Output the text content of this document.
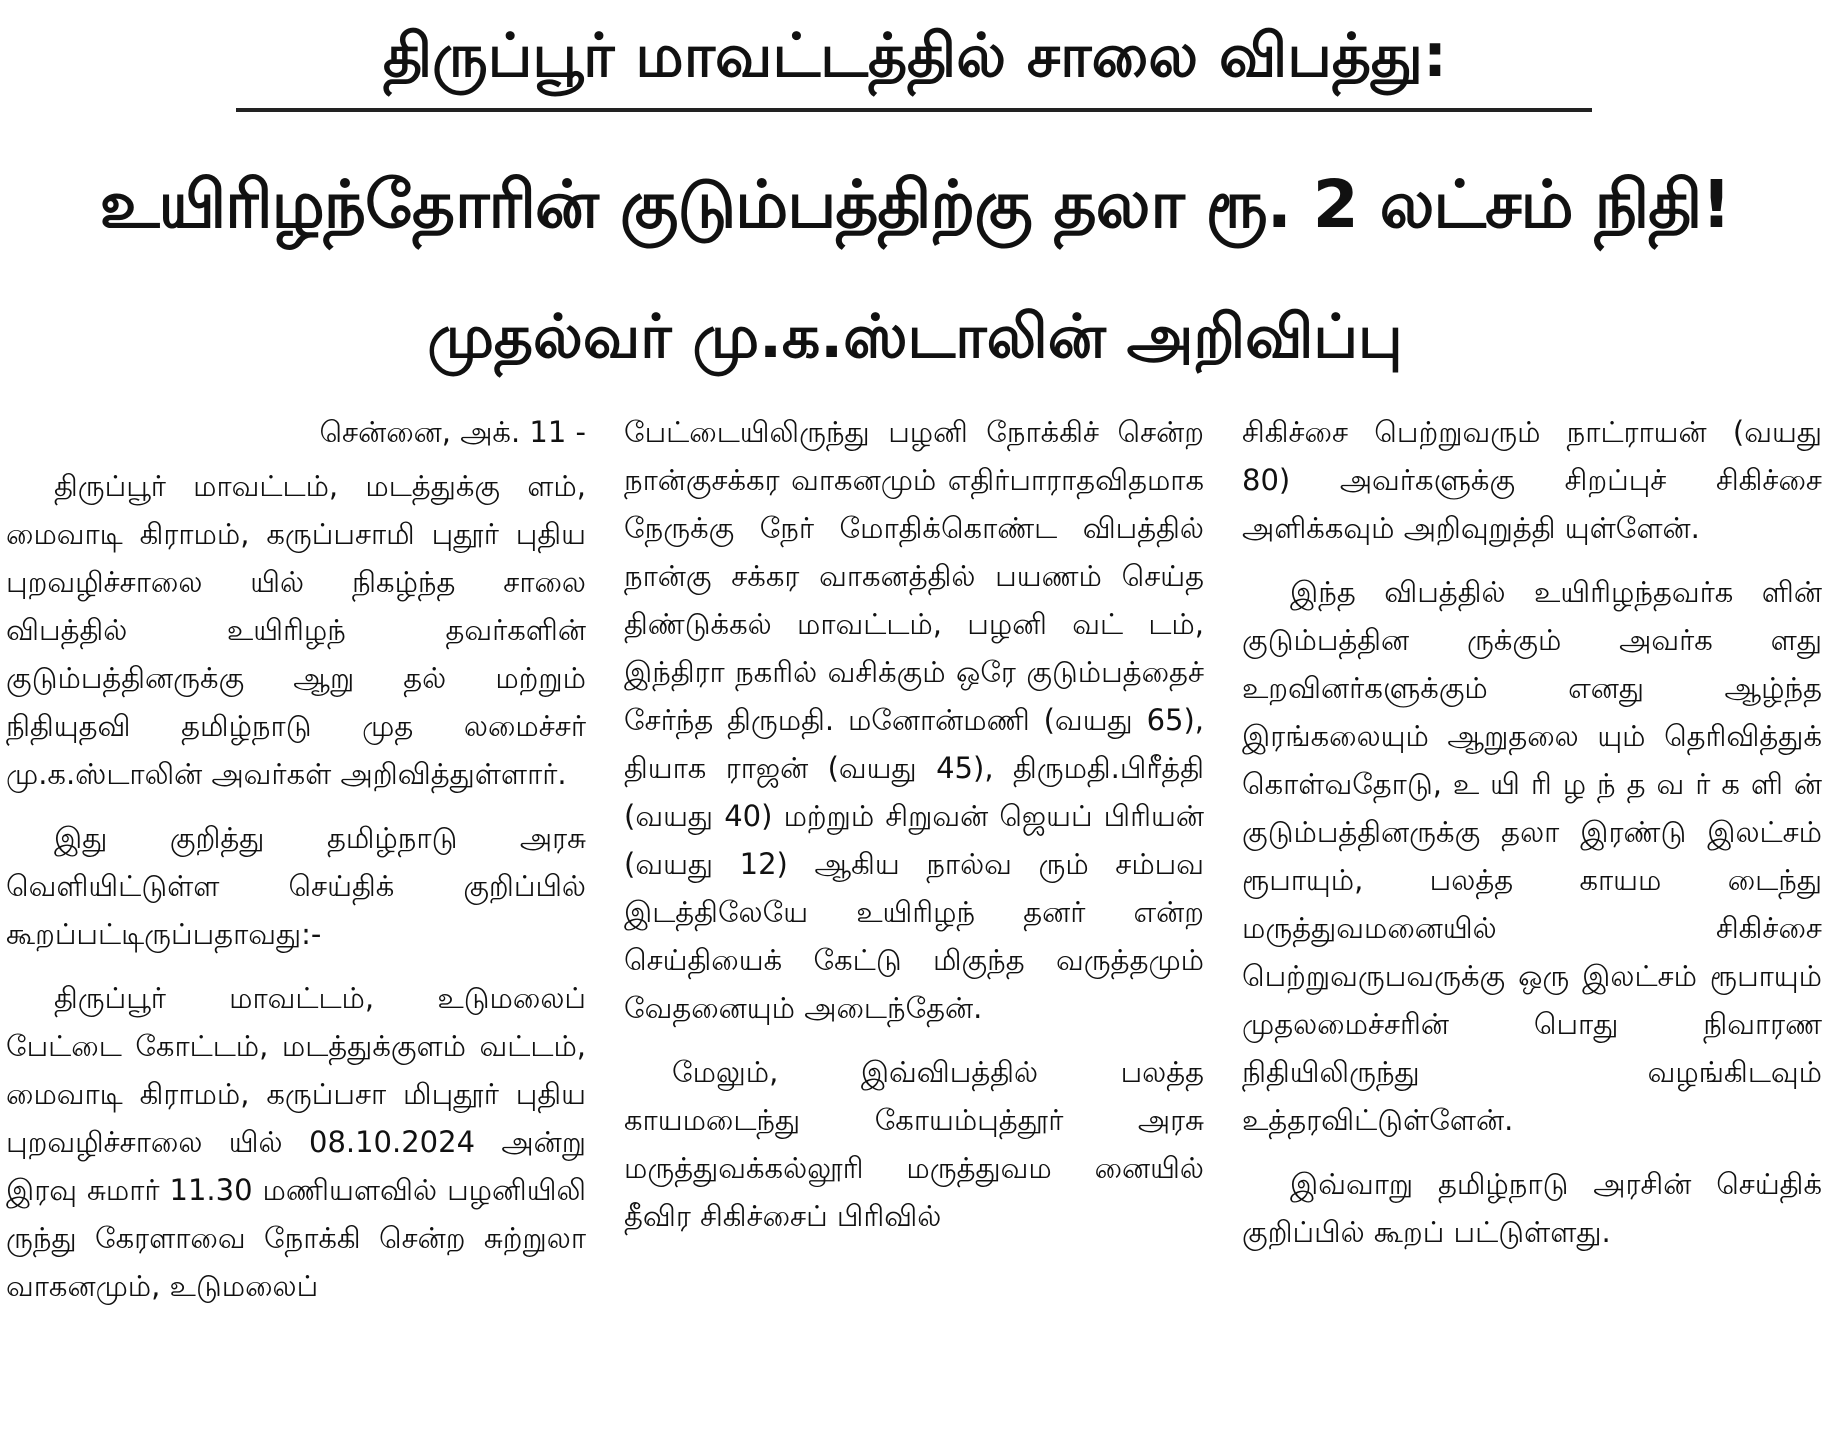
திருப்பூர் மாவட்டத்தில் சாலை விபத்து:
உயிரிழந்தோரின் குடும்பத்திற்கு தலா ரூ. 2 லட்சம் நிதி!
முதல்வர் மு.க.ஸ்டாலின் அறிவிப்பு

சென்னை, அக். 11 -

திருப்பூர் மாவட்டம், மடத்துக்கு ளம், மைவாடி கிராமம், கருப்பசாமி புதூர் புதிய புறவழிச்சாலை யில் நிகழ்ந்த சாலை விபத்தில் உயிரிழந் தவர்களின் குடும்பத்தினருக்கு ஆறு தல் மற்றும் நிதியுதவி தமிழ்நாடு முத லமைச்சர் மு.க.ஸ்டாலின் அவர்கள் அறிவித்துள்ளார்.

இது குறித்து தமிழ்நாடு அரசு வெளியிட்டுள்ள செய்திக் குறிப்பில் கூறப்பட்டிருப்பதாவது:-

திருப்பூர் மாவட்டம், உடுமலைப் பேட்டை கோட்டம், மடத்துக்குளம் வட்டம், மைவாடி கிராமம், கருப்பசா மிபுதூர் புதிய புறவழிச்சாலை யில் 08.10.2024 அன்று இரவு சுமார் 11.30 மணியளவில் பழனியிலி ருந்து கேரளாவை நோக்கி சென்ற சுற்றுலா வாகனமும், உடுமலைப்

பேட்டையிலிருந்து பழனி நோக்கிச் சென்ற நான்குசக்கர வாகனமும் எதிர்பாராதவிதமாக நேருக்கு நேர் மோதிக்கொண்ட விபத்தில் நான்கு சக்கர வாகனத்தில் பயணம் செய்த திண்டுக்கல் மாவட்டம், பழனி வட் டம், இந்திரா நகரில் வசிக்கும் ஒரே குடும்பத்தைச் சேர்ந்த திருமதி. மனோன்மணி (வயது 65), தியாக ராஜன் (வயது 45), திருமதி.பிரீத்தி (வயது 40) மற்றும் சிறுவன் ஜெயப் பிரியன் (வயது 12) ஆகிய நால்வ ரும் சம்பவ இடத்திலேயே உயிரிழந் தனர் என்ற செய்தியைக் கேட்டு மிகுந்த வருத்தமும் வேதனையும் அடைந்தேன்.

மேலும், இவ்விபத்தில் பலத்த காயமடைந்து கோயம்புத்தூர் அரசு மருத்துவக்கல்லூரி மருத்துவம னையில் தீவிர சிகிச்சைப் பிரிவில்

சிகிச்சை பெற்றுவரும் நாட்ராயன் (வயது 80) அவர்களுக்கு சிறப்புச் சிகிச்சை அளிக்கவும் அறிவுறுத்தி யுள்ளேன்.

இந்த விபத்தில் உயிரிழந்தவர்க ளின் குடும்பத்தின ருக்கும் அவர்க ளது உறவினர்களுக்கும் எனது ஆழ்ந்த இரங்கலையும் ஆறுதலை யும் தெரிவித்துக் கொள்வதோடு, உ யி ரி ழ ந் த வ ர் க ளி ன் குடும்பத்தினருக்கு தலா இரண்டு இலட்சம் ரூபாயும், பலத்த காயம டைந்து மருத்துவமனையில் சிகிச்சை பெற்றுவருபவருக்கு ஒரு இலட்சம் ரூபாயும் முதலமைச்சரின் பொது நிவாரண நிதியிலிருந்து வழங்கிடவும் உத்தரவிட்டுள்ளேன்.

இவ்வாறு தமிழ்நாடு அரசின் செய்திக் குறிப்பில் கூறப் பட்டுள்ளது.
